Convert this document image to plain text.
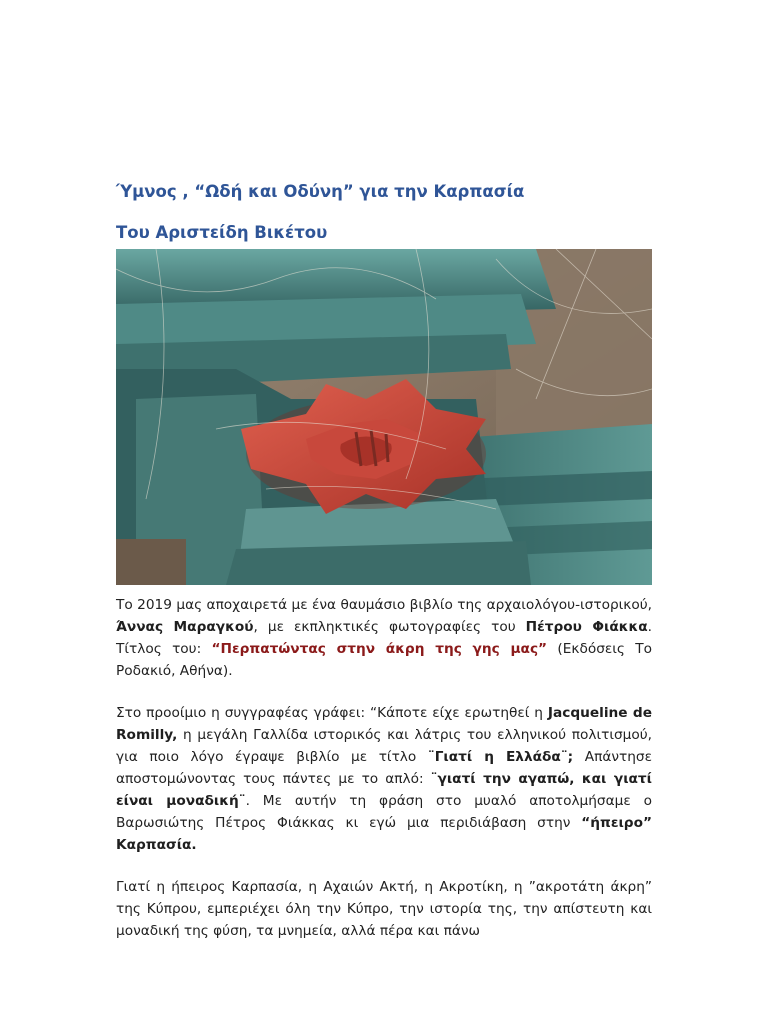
Ύμνος , “Ωδή και Οδύνη” για την Καρπασία
Του Αριστείδη Βικέτου

Το 2019 μας αποχαιρετά με ένα θαυμάσιο βιβλίο της αρχαιολόγου-ιστορικού, Άννας Μαραγκού, με εκπληκτικές φωτογραφίες του Πέτρου Φιάκκα. Τίτλος του: “Περπατώντας στην άκρη της γης μας” (Εκδόσεις Το Ροδακιό, Αθήνα).

Στο προοίμιο η συγγραφέας γράφει: “Κάποτε είχε ερωτηθεί η Jacqueline de Romilly, η μεγάλη Γαλλίδα ιστορικός και λάτρις του ελληνικού πολιτισμού, για ποιο λόγο έγραψε βιβλίο με τίτλο ¨Γιατί η Ελλάδα¨; Απάντησε αποστομώνοντας τους πάντες με το απλό: ¨γιατί την αγαπώ, και γιατί είναι μοναδική¨. Με αυτήν τη φράση στο μυαλό αποτολμήσαμε ο Βαρωσιώτης Πέτρος Φιάκκας κι εγώ μια περιδιάβαση στην “ήπειρο” Καρπασία.

Γιατί η ήπειρος Καρπασία, η Αχαιών Ακτή, η Ακροτίκη, η ”ακροτάτη άκρη” της Κύπρου, εμπεριέχει όλη την Κύπρο, την ιστορία της, την απίστευτη και μοναδική της φύση, τα μνημεία, αλλά πέρα και πάνω
